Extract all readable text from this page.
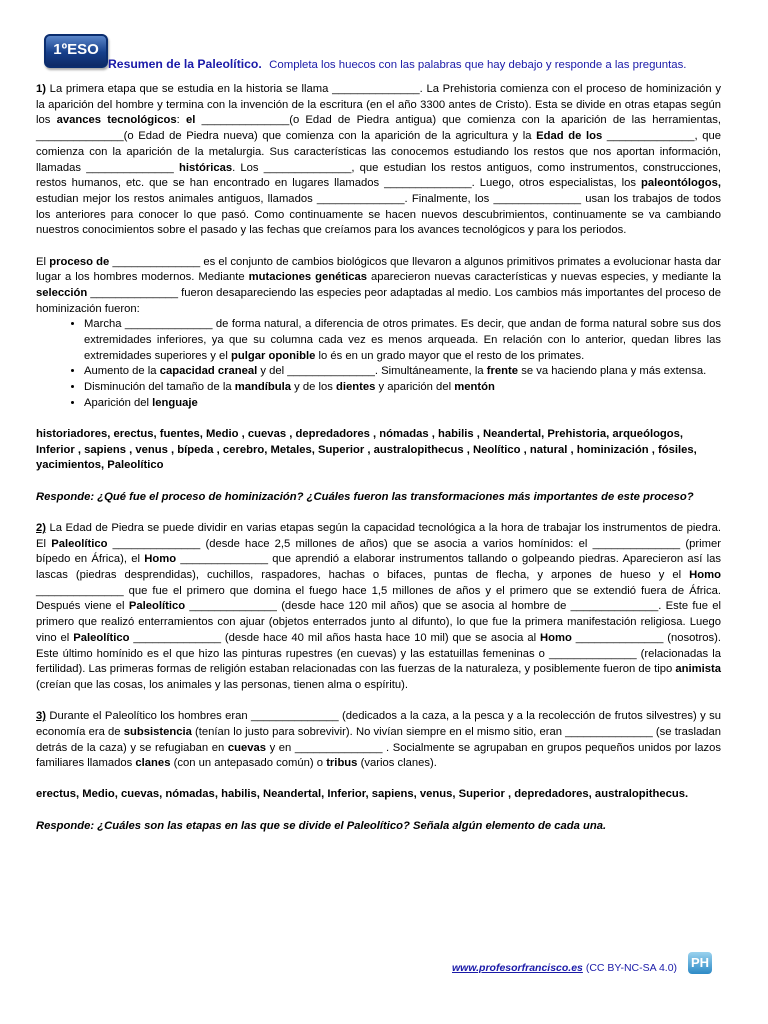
1ºESO
Resumen de la Paleolítico. Completa los huecos con las palabras que hay debajo y responde a las preguntas.

1) La primera etapa que se estudia en la historia se llama ______________. La Prehistoria comienza con el proceso de hominización y la aparición del hombre y termina con la invención de la escritura (en el año 3300 antes de Cristo). Esta se divide en otras etapas según los avances tecnológicos: el ______________(o Edad de Piedra antigua) que comienza con la aparición de las herramientas, ______________(o Edad de Piedra nueva) que comienza con la aparición de la agricultura y la Edad de los ______________, que comienza con la aparición de la metalurgia. Sus características las conocemos estudiando los restos que nos aportan información, llamadas ______________ históricas. Los ______________, que estudian los restos antiguos, como instrumentos, construcciones, restos humanos, etc. que se han encontrado en lugares llamados ______________. Luego, otros especialistas, los paleontólogos, estudian mejor los restos animales antiguos, llamados ______________. Finalmente, los ______________ usan los trabajos de todos los anteriores para conocer lo que pasó. Como continuamente se hacen nuevos descubrimientos, continuamente se va cambiando nuestros conocimientos sobre el pasado y las fechas que creíamos para los avances tecnológicos y para los periodos.

El proceso de ______________ es el conjunto de cambios biológicos que llevaron a algunos primitivos primates a evolucionar hasta dar lugar a los hombres modernos. Mediante mutaciones genéticas aparecieron nuevas características y nuevas especies, y mediante la selección ______________ fueron desapareciendo las especies peor adaptadas al medio. Los cambios más importantes del proceso de hominización fueron:

• Marcha ______________ de forma natural, a diferencia de otros primates. Es decir, que andan de forma natural sobre sus dos extremidades inferiores, ya que su columna cada vez es menos arqueada. En relación con lo anterior, quedan libres las extremidades superiores y el pulgar oponible lo és en un grado mayor que el resto de los primates.
• Aumento de la capacidad craneal y del ______________. Simultáneamente, la frente se va haciendo plana y más extensa.
• Disminución del tamaño de la mandíbula y de los dientes y aparición del mentón
• Aparición del lenguaje

historiadores, erectus, fuentes, Medio , cuevas , depredadores , nómadas , habilis , Neandertal, Prehistoria, arqueólogos, Inferior , sapiens , venus , bípeda , cerebro, Metales, Superior , australopithecus , Neolítico , natural , hominización , fósiles, yacimientos, Paleolítico

Responde: ¿Qué fue el proceso de hominización? ¿Cuáles fueron las transformaciones más importantes de este proceso?

2) La Edad de Piedra se puede dividir en varias etapas según la capacidad tecnológica a la hora de trabajar los instrumentos de piedra. El Paleolítico ______________ (desde hace 2,5 millones de años) que se asocia a varios homínidos: el ______________ (primer bípedo en África), el Homo ______________ que aprendió a elaborar instrumentos tallando o golpeando piedras. Aparecieron así las lascas (piedras desprendidas), cuchillos, raspadores, hachas o bifaces, puntas de flecha, y arpones de hueso y el Homo ______________ que fue el primero que domina el fuego hace 1,5 millones de años y el primero que se extendió fuera de África. Después viene el Paleolítico ______________ (desde hace 120 mil años) que se asocia al hombre de ______________. Este fue el primero que realizó enterramientos con ajuar (objetos enterrados junto al difunto), lo que fue la primera manifestación religiosa. Luego vino el Paleolítico ______________ (desde hace 40 mil años hasta hace 10 mil) que se asocia al Homo ______________ (nosotros). Este último homínido es el que hizo las pinturas rupestres (en cuevas) y las estatuillas femeninas o ______________ (relacionadas la fertilidad). Las primeras formas de religión estaban relacionadas con las fuerzas de la naturaleza, y posiblemente fueron de tipo animista (creían que las cosas, los animales y las personas, tienen alma o espíritu).

3) Durante el Paleolítico los hombres eran ______________ (dedicados a la caza, a la pesca y a la recolección de frutos silvestres) y su economía era de subsistencia (tenían lo justo para sobrevivir). No vivían siempre en el mismo sitio, eran ______________ (se trasladan detrás de la caza) y se refugiaban en cuevas y en ______________ . Socialmente se agrupaban en grupos pequeños unidos por lazos familiares llamados clanes (con un antepasado común) o tribus (varios clanes).

erectus, Medio, cuevas, nómadas, habilis, Neandertal, Inferior, sapiens, venus, Superior , depredadores, australopithecus.

Responde: ¿Cuáles son las etapas en las que se divide el Paleolítico? Señala algún elemento de cada una.

www.profesorfrancisco.es (CC BY-NC-SA 4.0) PH
